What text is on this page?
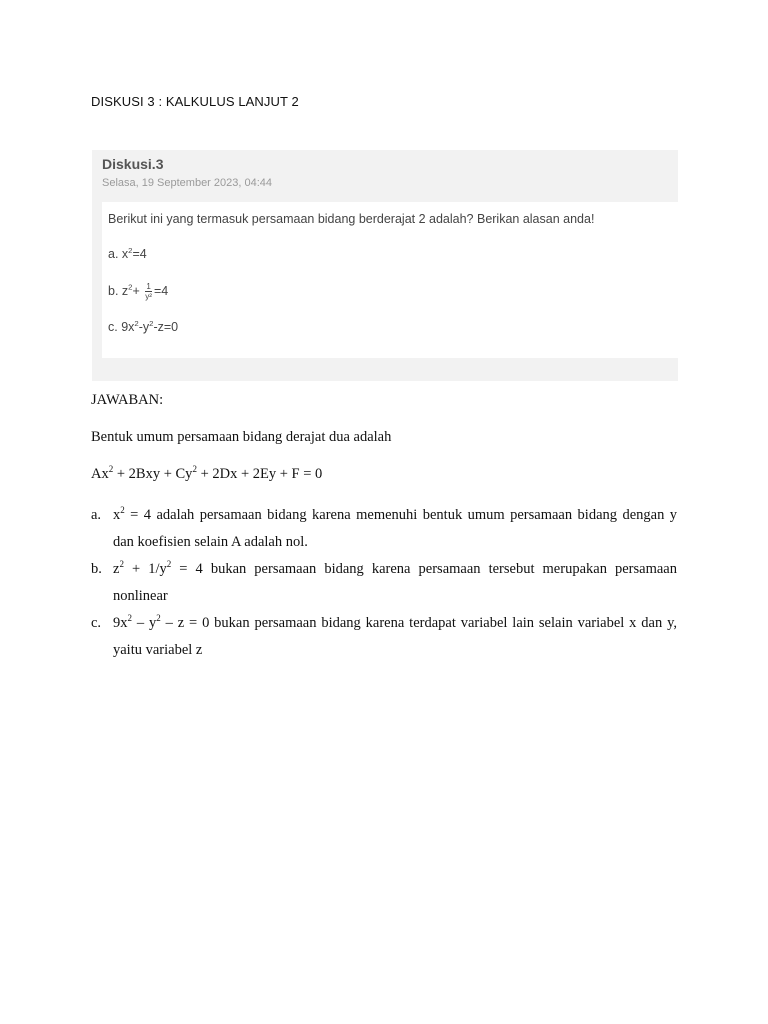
DISKUSI 3 : KALKULUS LANJUT 2
Diskusi.3
Selasa, 19 September 2023, 04:44
Berikut ini yang termasuk persamaan bidang berderajat 2 adalah? Berikan alasan anda!
a. $x^2=4$
b. $z^2+ \frac{1}{\text{y²}} =4$
c. $9x^2-y^2-z=0$
JAWABAN:
Bentuk umum persamaan bidang derajat dua adalah
$Ax^2 + 2Bxy + Cy^2 + 2Dx + 2Ey + F = 0$
a. $x^2 = 4$ adalah persamaan bidang karena memenuhi bentuk umum persamaan bidang dengan y dan koefisien selain A adalah nol.
b. $z^2 + 1/y^2 = 4$ bukan persamaan bidang karena persamaan tersebut merupakan persamaan nonlinear
c. $9x^2 - y^2 - z = 0$ bukan persamaan bidang karena terdapat variabel lain selain variabel x dan y, yaitu variabel z
